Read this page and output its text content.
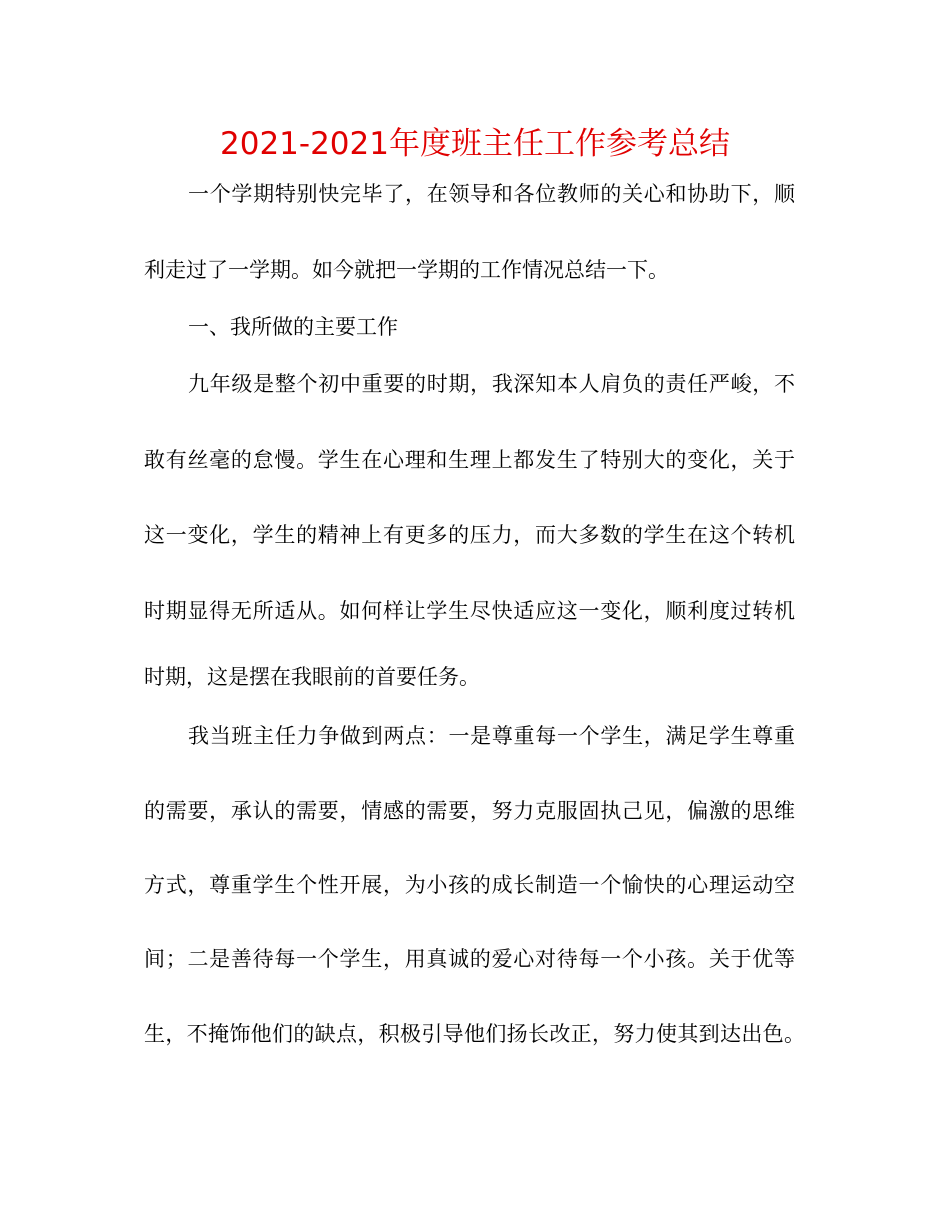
2021-2021年度班主任工作参考总结
一个学期特别快完毕了，在领导和各位教师的关心和协助下，顺
利走过了一学期。如今就把一学期的工作情况总结一下。
一、我所做的主要工作
九年级是整个初中重要的时期，我深知本人肩负的责任严峻，不
敢有丝毫的怠慢。学生在心理和生理上都发生了特别大的变化，关于
这一变化，学生的精神上有更多的压力，而大多数的学生在这个转机
时期显得无所适从。如何样让学生尽快适应这一变化，顺利度过转机
时期，这是摆在我眼前的首要任务。
我当班主任力争做到两点：一是尊重每一个学生，满足学生尊重
的需要，承认的需要，情感的需要，努力克服固执己见，偏激的思维
方式，尊重学生个性开展，为小孩的成长制造一个愉快的心理运动空
间；二是善待每一个学生，用真诚的爱心对待每一个小孩。关于优等
生，不掩饰他们的缺点，积极引导他们扬长改正，努力使其到达出色。
